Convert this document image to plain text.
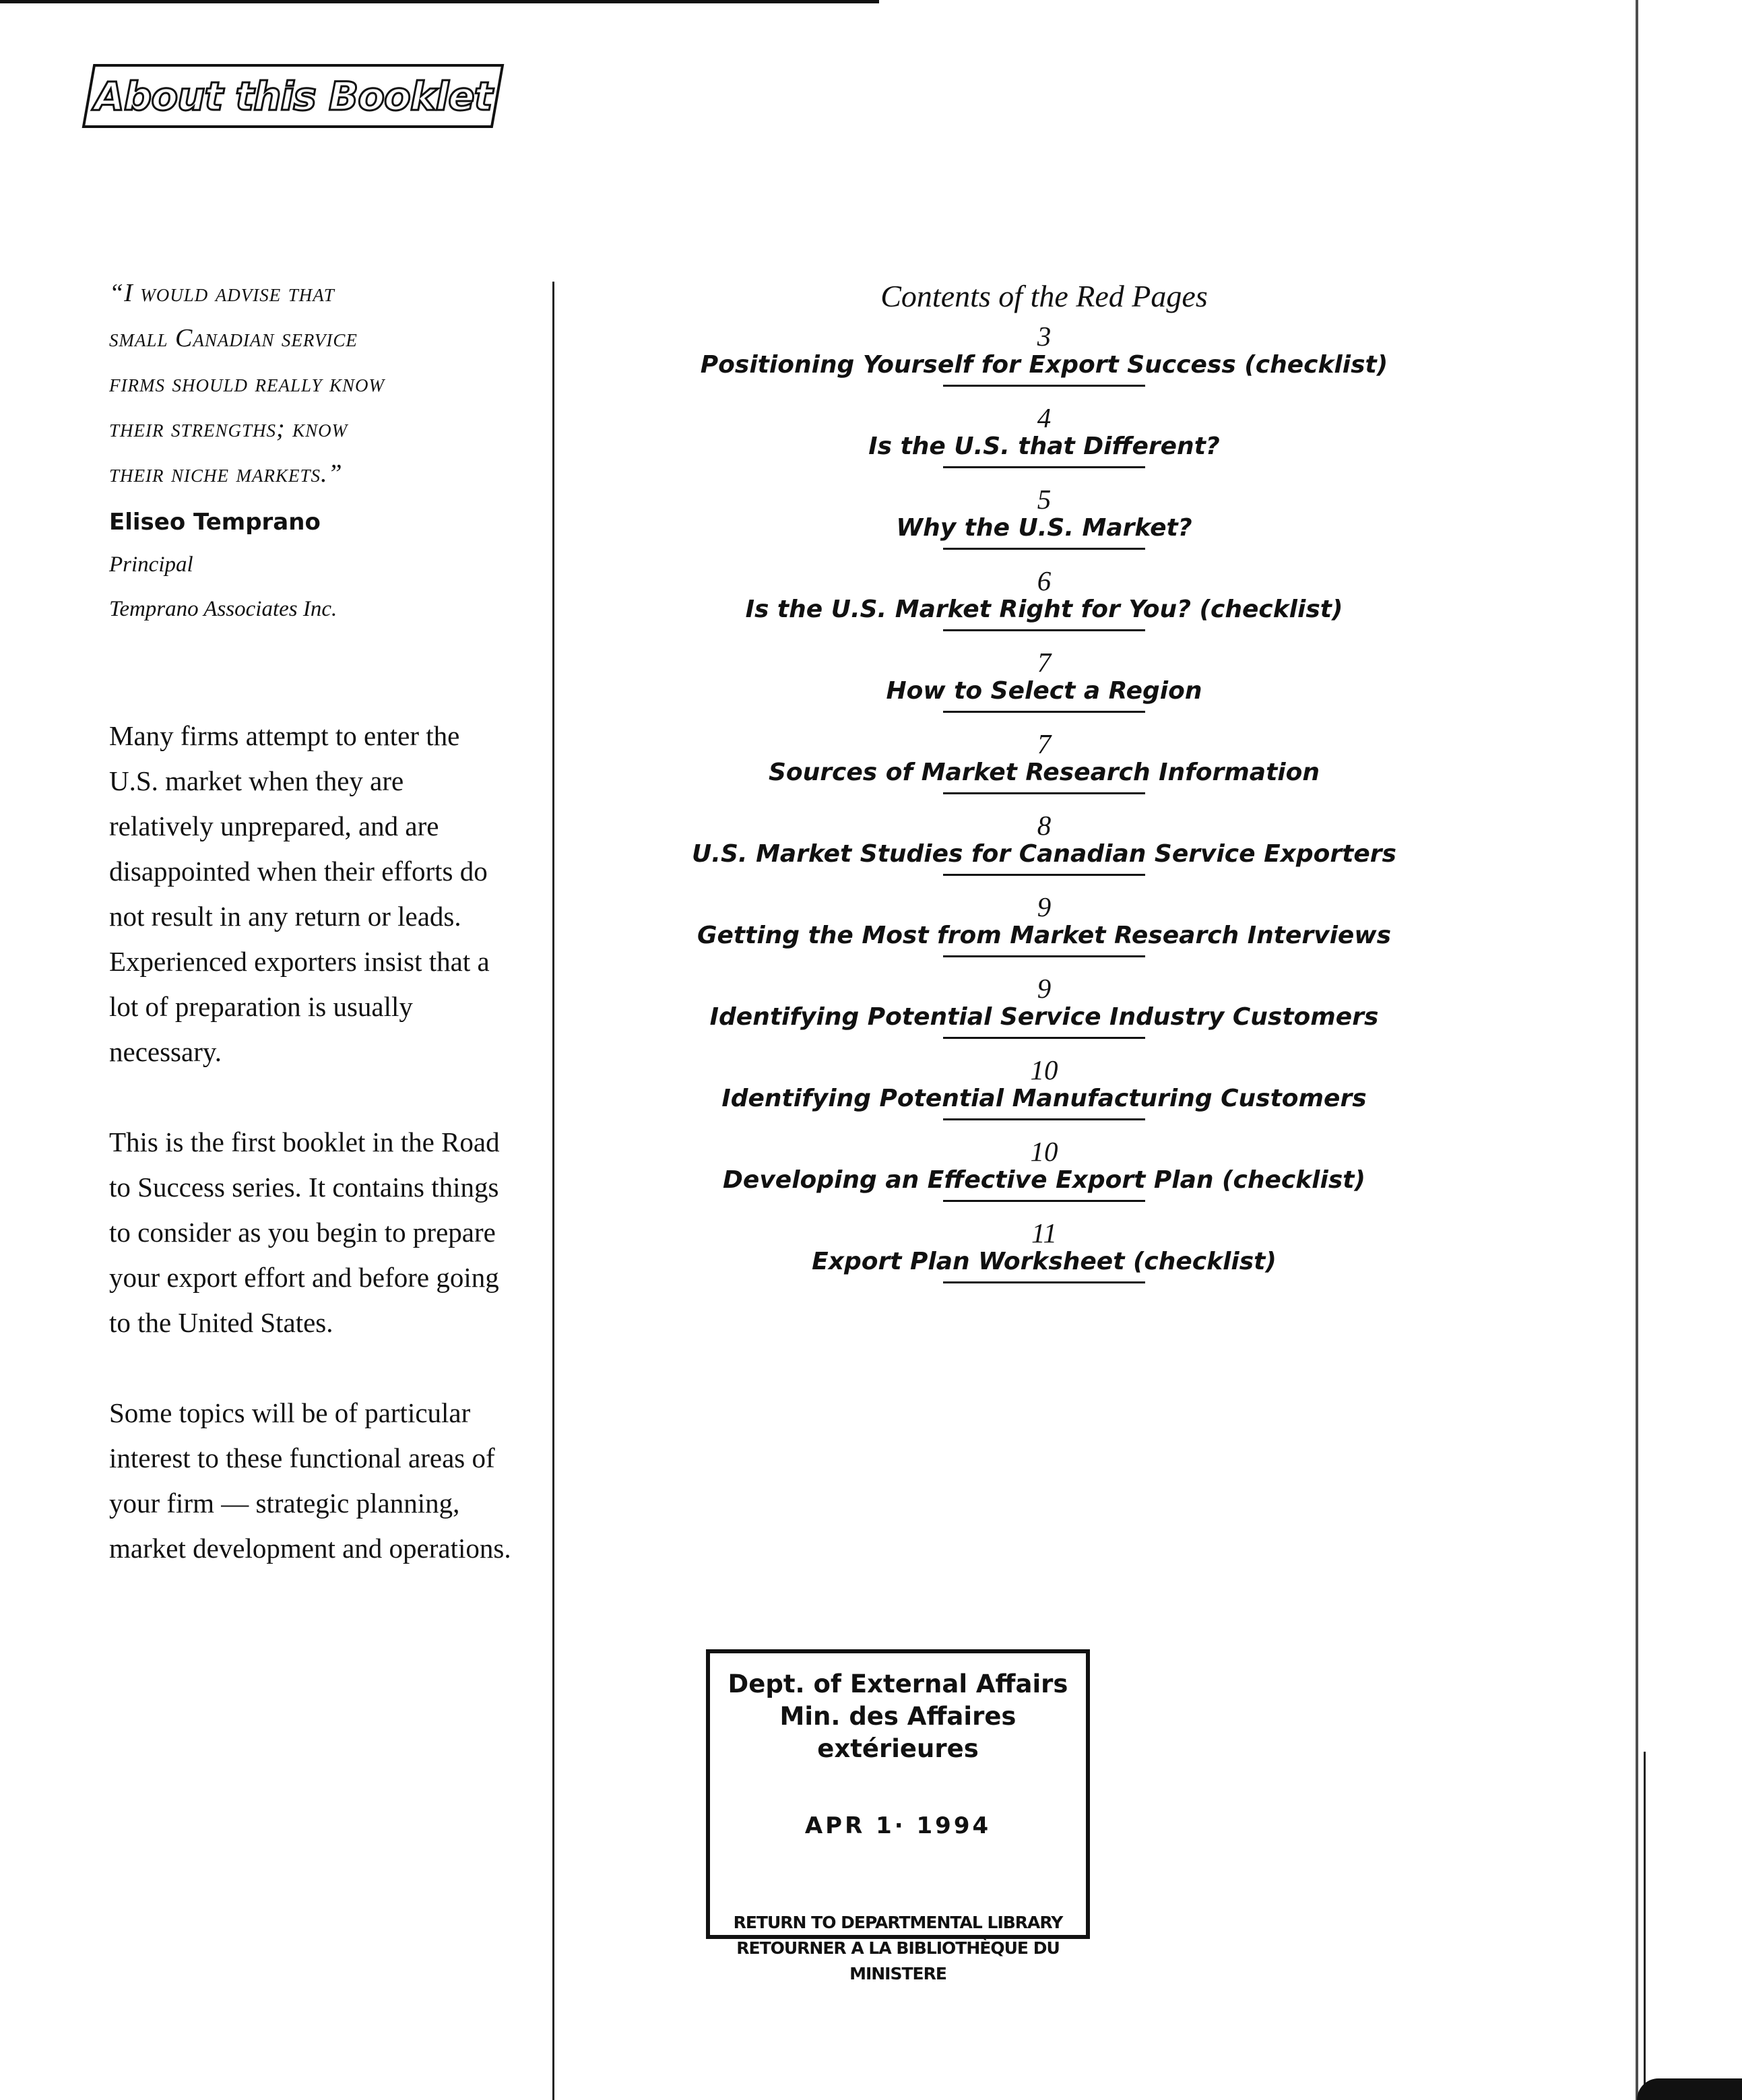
About this Booklet

“I would advise that

small Canadian service

firms should really know

their strengths; know

their niche markets.”

Eliseo Temprano
Principal
Temprano Associates Inc.

Many firms attempt to enter the U.S. market when they are relatively unprepared, and are disappointed when their efforts do not result in any return or leads. Experienced exporters insist that a lot of preparation is usually necessary.

This is the first booklet in the Road to Success series. It contains things to consider as you begin to prepare your export effort and before going to the United States.

Some topics will be of particular interest to these functional areas of your firm — strategic planning, market development and operations.

Contents of the Red Pages

3
Positioning Yourself for Export Success (checklist)
4
Is the U.S. that Different?
5
Why the U.S. Market?
6
Is the U.S. Market Right for You? (checklist)
7
How to Select a Region
7
Sources of Market Research Information
8
U.S. Market Studies for Canadian Service Exporters
9
Getting the Most from Market Research Interviews
9
Identifying Potential Service Industry Customers
10
Identifying Potential Manufacturing Customers
10
Developing an Effective Export Plan (checklist)
11
Export Plan Worksheet (checklist)
Dept. of External Affairs
Min. des Affaires extérieures
APR 1· 1994
RETURN TO DEPARTMENTAL LIBRARY
RETOURNER A LA BIBLIOTHÈQUE DU MINISTERE
